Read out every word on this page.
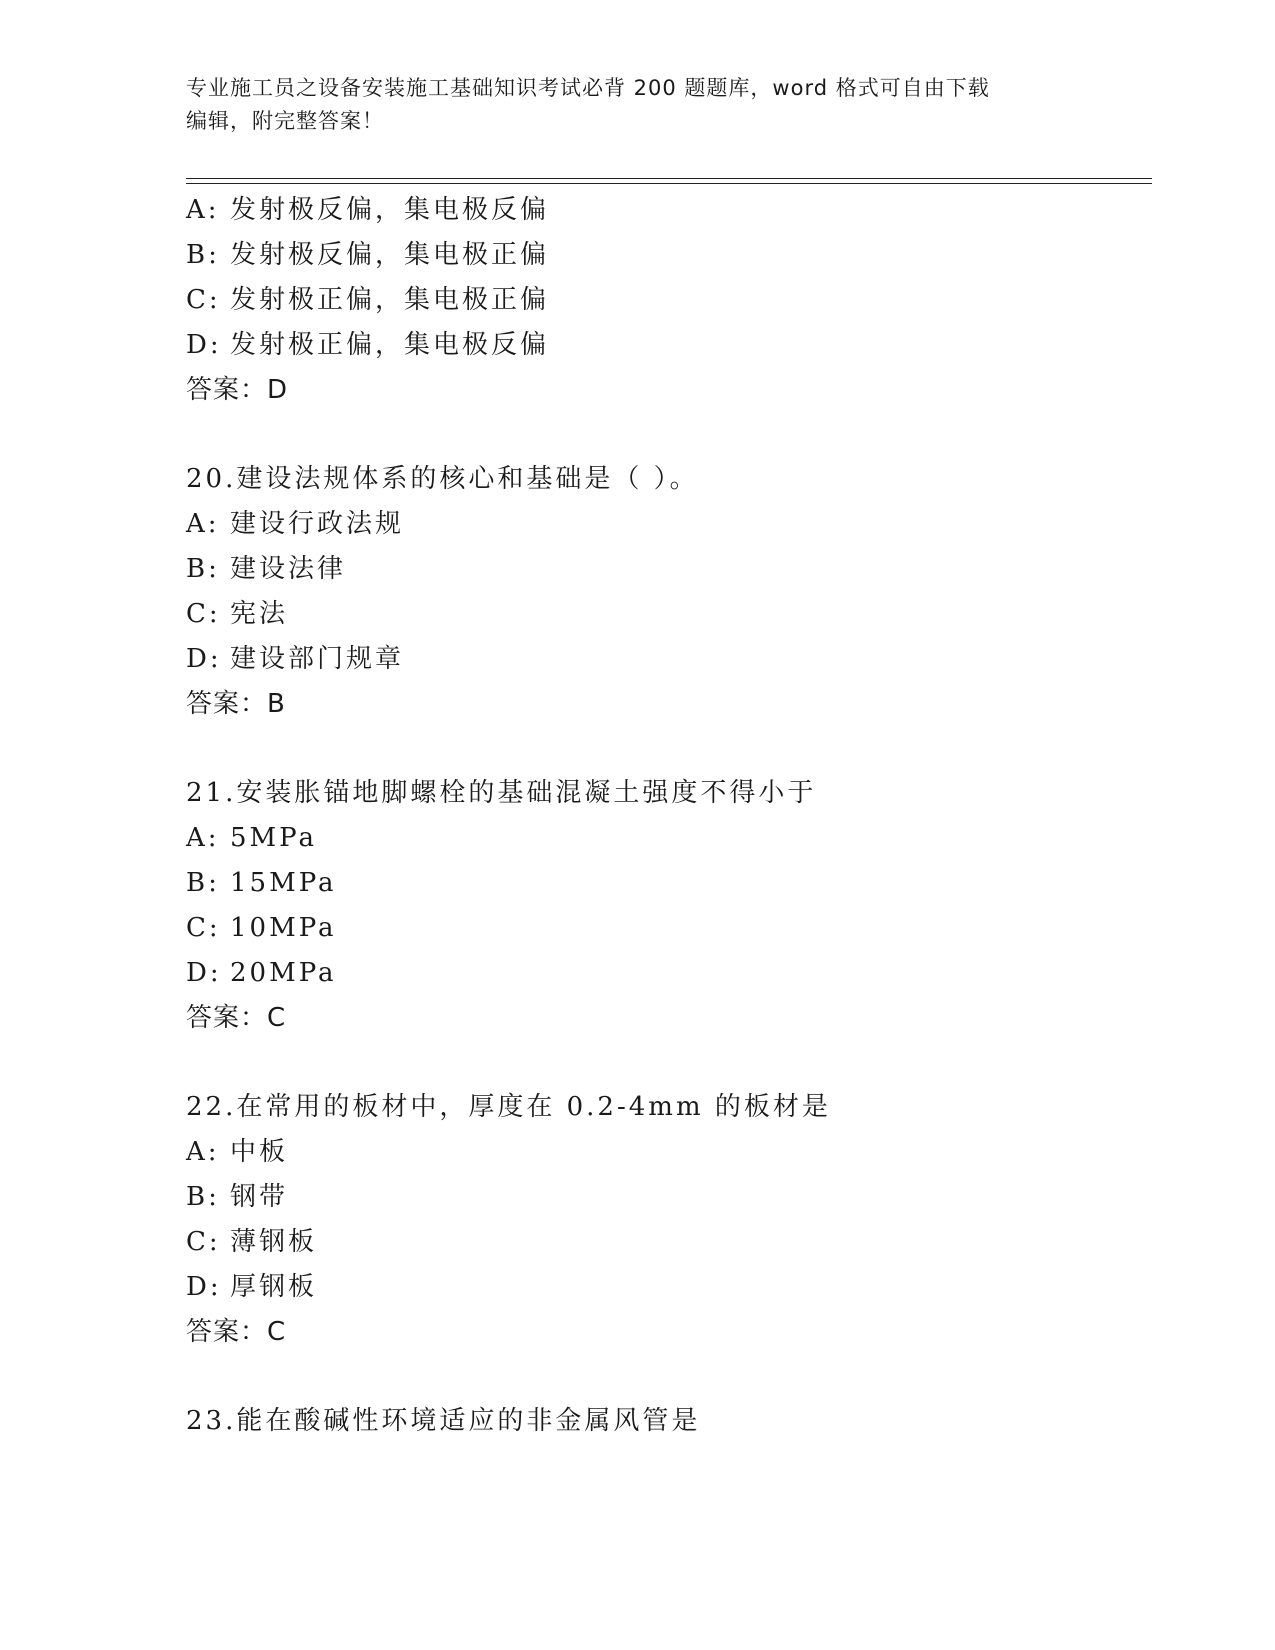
专业施工员之设备安装施工基础知识考试必背 200 题题库，word 格式可自由下载
编辑，附完整答案！
A: 发射极反偏，集电极反偏
B: 发射极反偏，集电极正偏
C: 发射极正偏，集电极正偏
D: 发射极正偏，集电极反偏
答案：D
20.建设法规体系的核心和基础是（ ）。
A: 建设行政法规
B: 建设法律
C: 宪法
D: 建设部门规章
答案：B
21.安装胀锚地脚螺栓的基础混凝土强度不得小于
A: 5MPa
B: 15MPa
C: 10MPa
D: 20MPa
答案：C
22.在常用的板材中，厚度在 0.2-4mm 的板材是
A: 中板
B: 钢带
C: 薄钢板
D: 厚钢板
答案：C
23.能在酸碱性环境适应的非金属风管是
